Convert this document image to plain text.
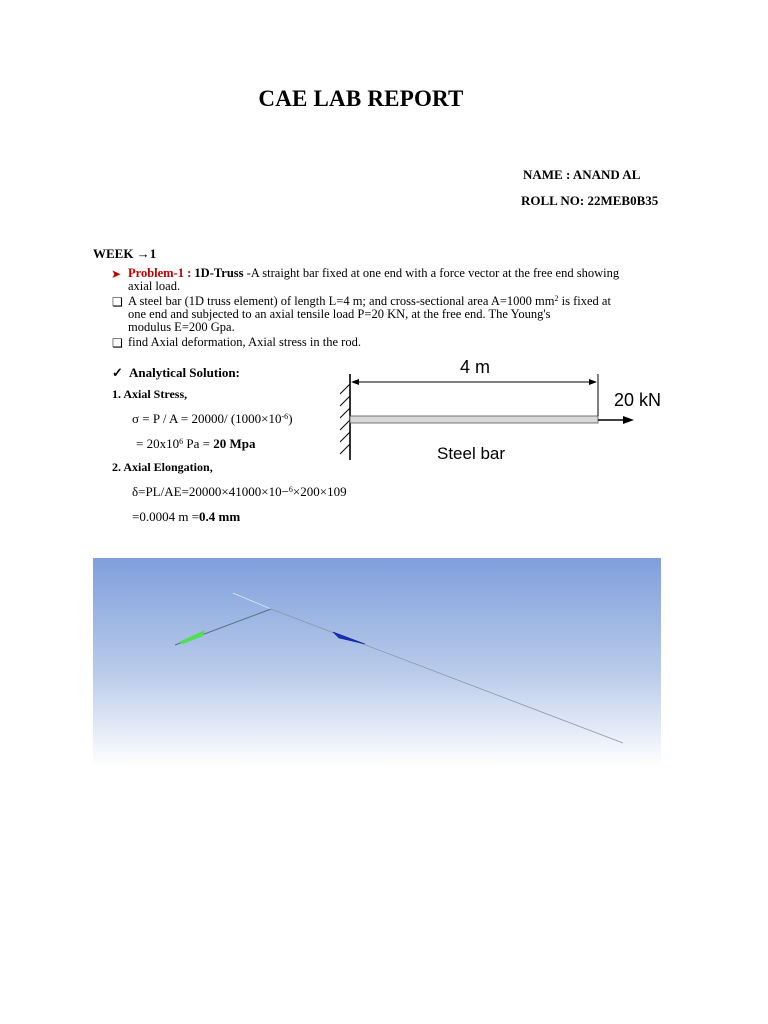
CAE LAB REPORT
NAME : ANAND AL
ROLL NO: 22MEB0B35
WEEK →1
➤ Problem-1 : 1D-Truss -A straight bar fixed at one end with a force vector at the free end showing
axial load.
❑ A steel bar (1D truss element) of length L=4 m; and cross-sectional area A=1000 $mm^2$ is fixed at
one end and subjected to an axial tensile load P=20 KN, at the free end. The Young's
modulus E=200 Gpa.
❑ find Axial deformation, Axial stress in the rod.
✓ Analytical Solution:
1. Axial Stress,
σ = P / A = 20000/ $(1000\times 10^{-6})$
= $20x10^6$ Pa = 20 Mpa
2. Axial Elongation,
δ=PL/AE=20000×41000×10−$^6$×200×109
=0.0004 m =0.4 mm
4 m
20 kN
Steel bar
